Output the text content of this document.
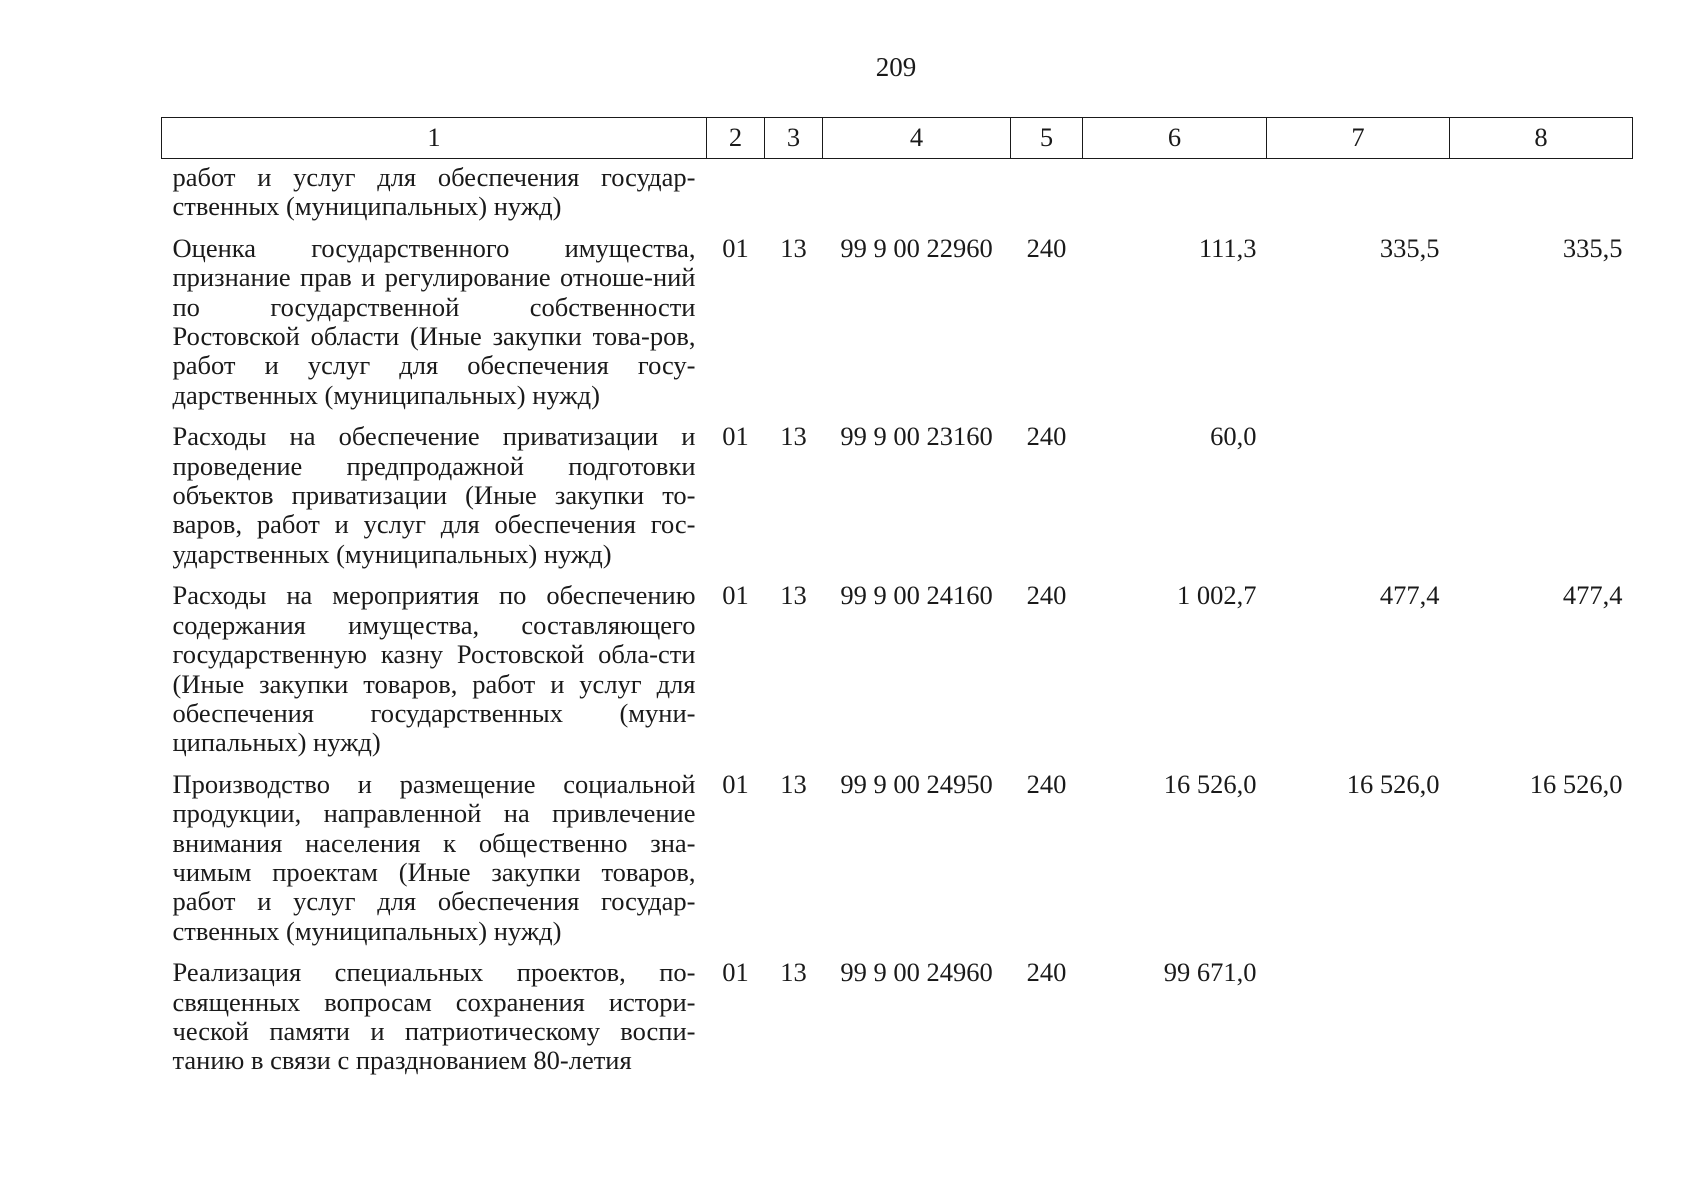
209
1	2	3	4	5	6	7	8
работ и услуг для обеспечения государ-ственных (муниципальных) нужд)							
Оценка государственного имущества, признание прав и регулирование отноше-ний по государственной собственности Ростовской области (Иные закупки това-ров, работ и услуг для обеспечения госу-дарственных (муниципальных) нужд)	01	13	99 9 00 22960	240	111,3	335,5	335,5
Расходы на обеспечение приватизации и проведение предпродажной подготовки объектов приватизации (Иные закупки то-варов, работ и услуг для обеспечения гос-ударственных (муниципальных) нужд)	01	13	99 9 00 23160	240	60,0		
Расходы на мероприятия по обеспечению содержания имущества, составляющего государственную казну Ростовской обла-сти (Иные закупки товаров, работ и услуг для обеспечения государственных (муни-ципальных) нужд)	01	13	99 9 00 24160	240	1 002,7	477,4	477,4
Производство и размещение социальной продукции, направленной на привлечение внимания населения к общественно зна-чимым проектам (Иные закупки товаров, работ и услуг для обеспечения государ-ственных (муниципальных) нужд)	01	13	99 9 00 24950	240	16 526,0	16 526,0	16 526,0
Реализация специальных проектов, по-священных вопросам сохранения истори-ческой памяти и патриотическому воспи-танию в связи с празднованием 80-летия	01	13	99 9 00 24960	240	99 671,0		
